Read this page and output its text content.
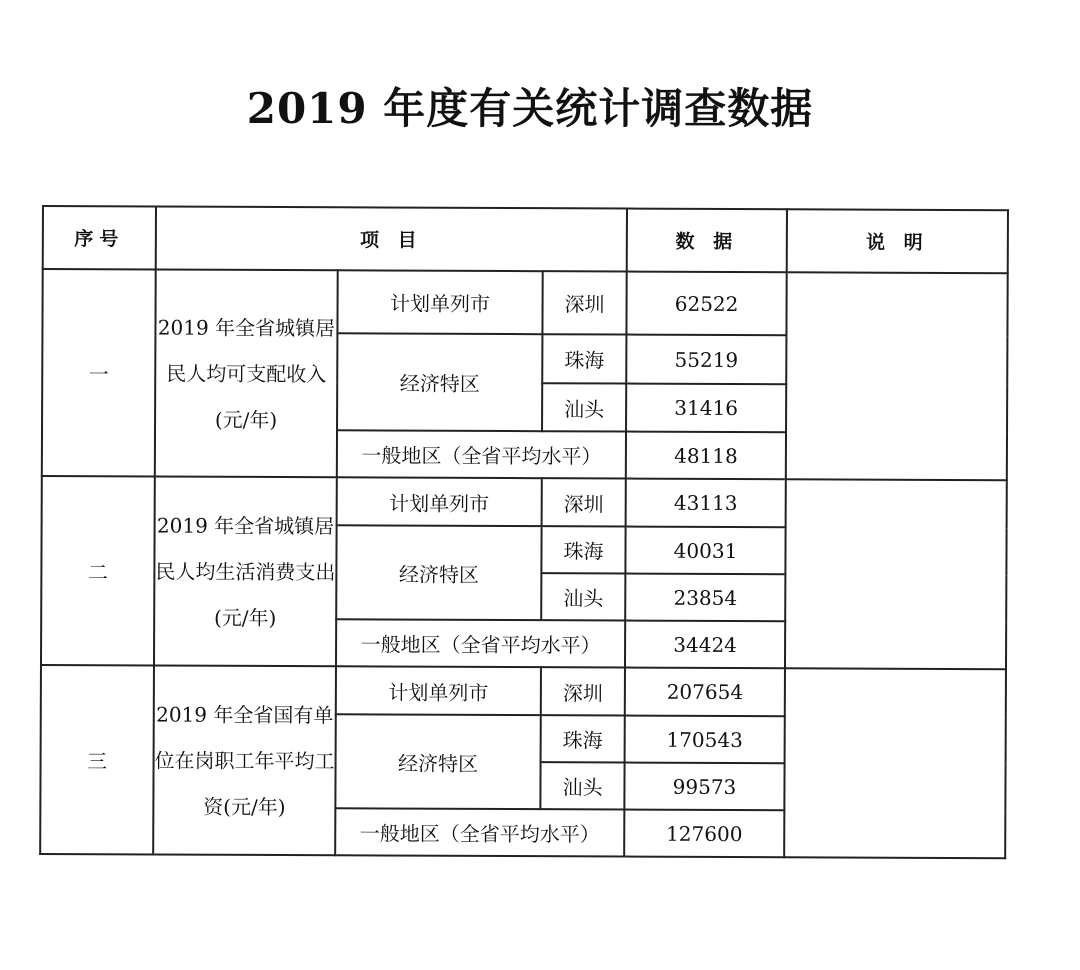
2019 年度有关统计调查数据
序号	项 目			数 据	说 明
一	2019 年全省城镇居民人均可支配收入(元/年)	计划单列市	深圳	62522	
		经济特区	珠海	55219	
			汕头	31416	
		一般地区（全省平均水平）		48118	
二	2019 年全省城镇居民人均生活消费支出(元/年)	计划单列市	深圳	43113	
		经济特区	珠海	40031	
			汕头	23854	
		一般地区（全省平均水平）		34424	
三	2019 年全省国有单位在岗职工年平均工资(元/年)	计划单列市	深圳	207654	
		经济特区	珠海	170543	
			汕头	99573	
		一般地区（全省平均水平）		127600	
